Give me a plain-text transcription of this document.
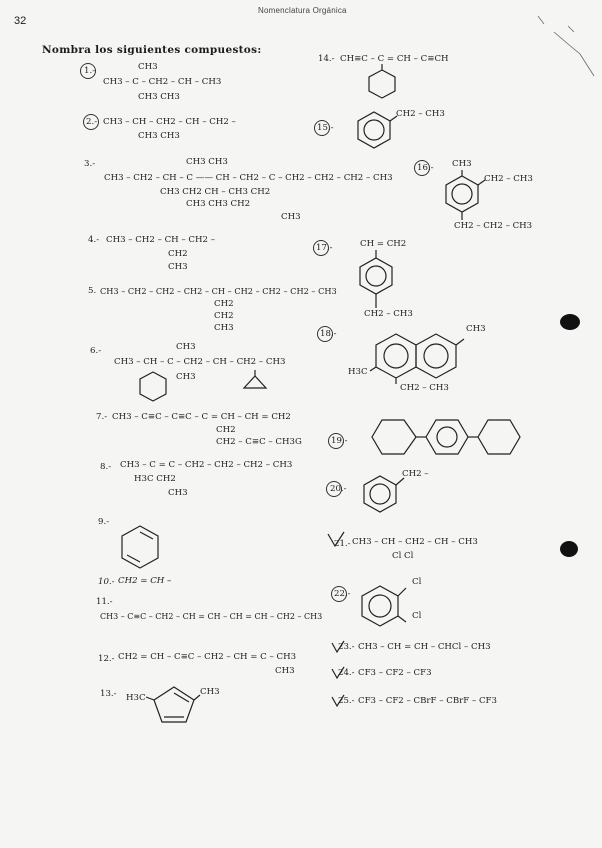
32
Nomenclatura Orgánica
Nombra los siguientes compuestos:
1.-	CH3
CH3 – C – CH2 – CH – CH3
CH3 CH3
2.- CH3 – CH – CH2 – CH – CH2 –
CH3 CH3
3.-	CH3 CH3
CH3 – CH2 – CH – C —— CH – CH2 – C – CH2 – CH2 – CH2 – CH3
CH3 CH2 CH – CH3 CH2
CH3 CH3 CH2
CH3
4.- CH3 – CH2 – CH – CH2 –
CH2
CH3
5. CH3 – CH2 – CH2 – CH2 – CH – CH2 – CH2 – CH2 – CH3
CH2
CH2
CH3
6.-	CH3
CH3 – CH – C – CH2 – CH – CH2 – CH3
CH3
7.- CH3 – C≡C – C≡C – C = CH – CH = CH2
CH2
CH2 – C≡C – CH3G
8.- CH3 – C = C – CH2 – CH2 – CH2 – CH3
H3C CH2
CH3
9.-
10.- CH2 = CH –
11.-
CH3 – C≡C – CH2 – CH = CH – CH = CH – CH2 – CH3
12.- CH2 = CH – C≡C – CH2 – CH = C – CH3
CH3
13.- H3C
CH3
14.- CH≡C – C = CH – C≡CH
15.-
CH2 – CH3
16.- CH3
CH2 – CH3
CH2 – CH2 – CH3
17.-	CH = CH2
CH2 – CH3
18.-	CH3
H3C
CH2 – CH3
19.-
20.-
CH2 –
21.- CH3 – CH – CH2 – CH – CH3
Cl Cl
22.-
Cl
Cl
23.- CH3 – CH = CH – CHCl – CH3
24.- CF3 – CF2 – CF3
25.- CF3 – CF2 – CBrF – CBrF – CF3
